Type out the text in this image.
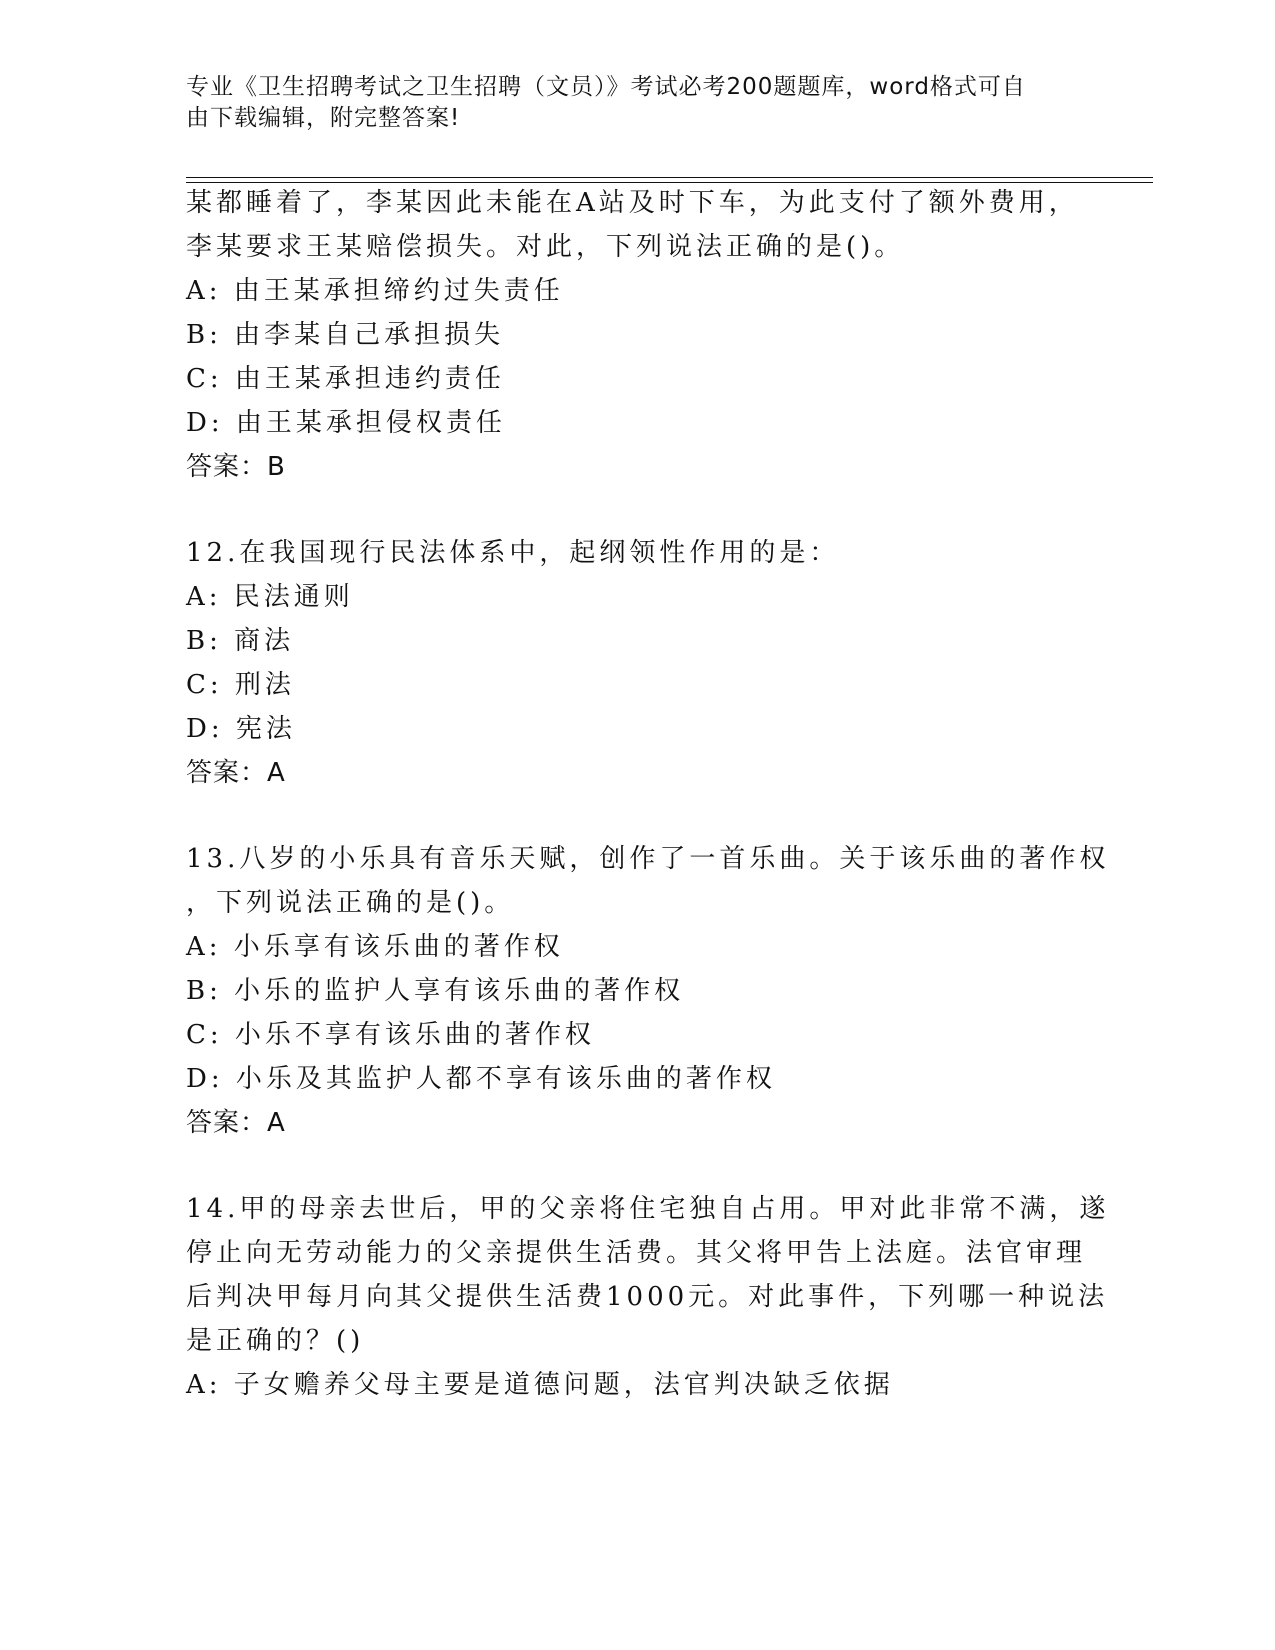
专业《卫生招聘考试之卫生招聘（文员）》考试必考200题题库，word格式可自
由下载编辑，附完整答案!
某都睡着了，李某因此未能在A站及时下车，为此支付了额外费用，
李某要求王某赔偿损失。对此，下列说法正确的是()。
A: 由王某承担缔约过失责任
B: 由李某自己承担损失
C: 由王某承担违约责任
D: 由王某承担侵权责任
答案：B
12.在我国现行民法体系中，起纲领性作用的是：
A: 民法通则
B: 商法
C: 刑法
D: 宪法
答案：A
13.八岁的小乐具有音乐天赋，创作了一首乐曲。关于该乐曲的著作权
，下列说法正确的是()。
A: 小乐享有该乐曲的著作权
B: 小乐的监护人享有该乐曲的著作权
C: 小乐不享有该乐曲的著作权
D: 小乐及其监护人都不享有该乐曲的著作权
答案：A
14.甲的母亲去世后，甲的父亲将住宅独自占用。甲对此非常不满，遂
停止向无劳动能力的父亲提供生活费。其父将甲告上法庭。法官审理
后判决甲每月向其父提供生活费1000元。对此事件，下列哪一种说法
是正确的？()
A: 子女赡养父母主要是道德问题，法官判决缺乏依据
